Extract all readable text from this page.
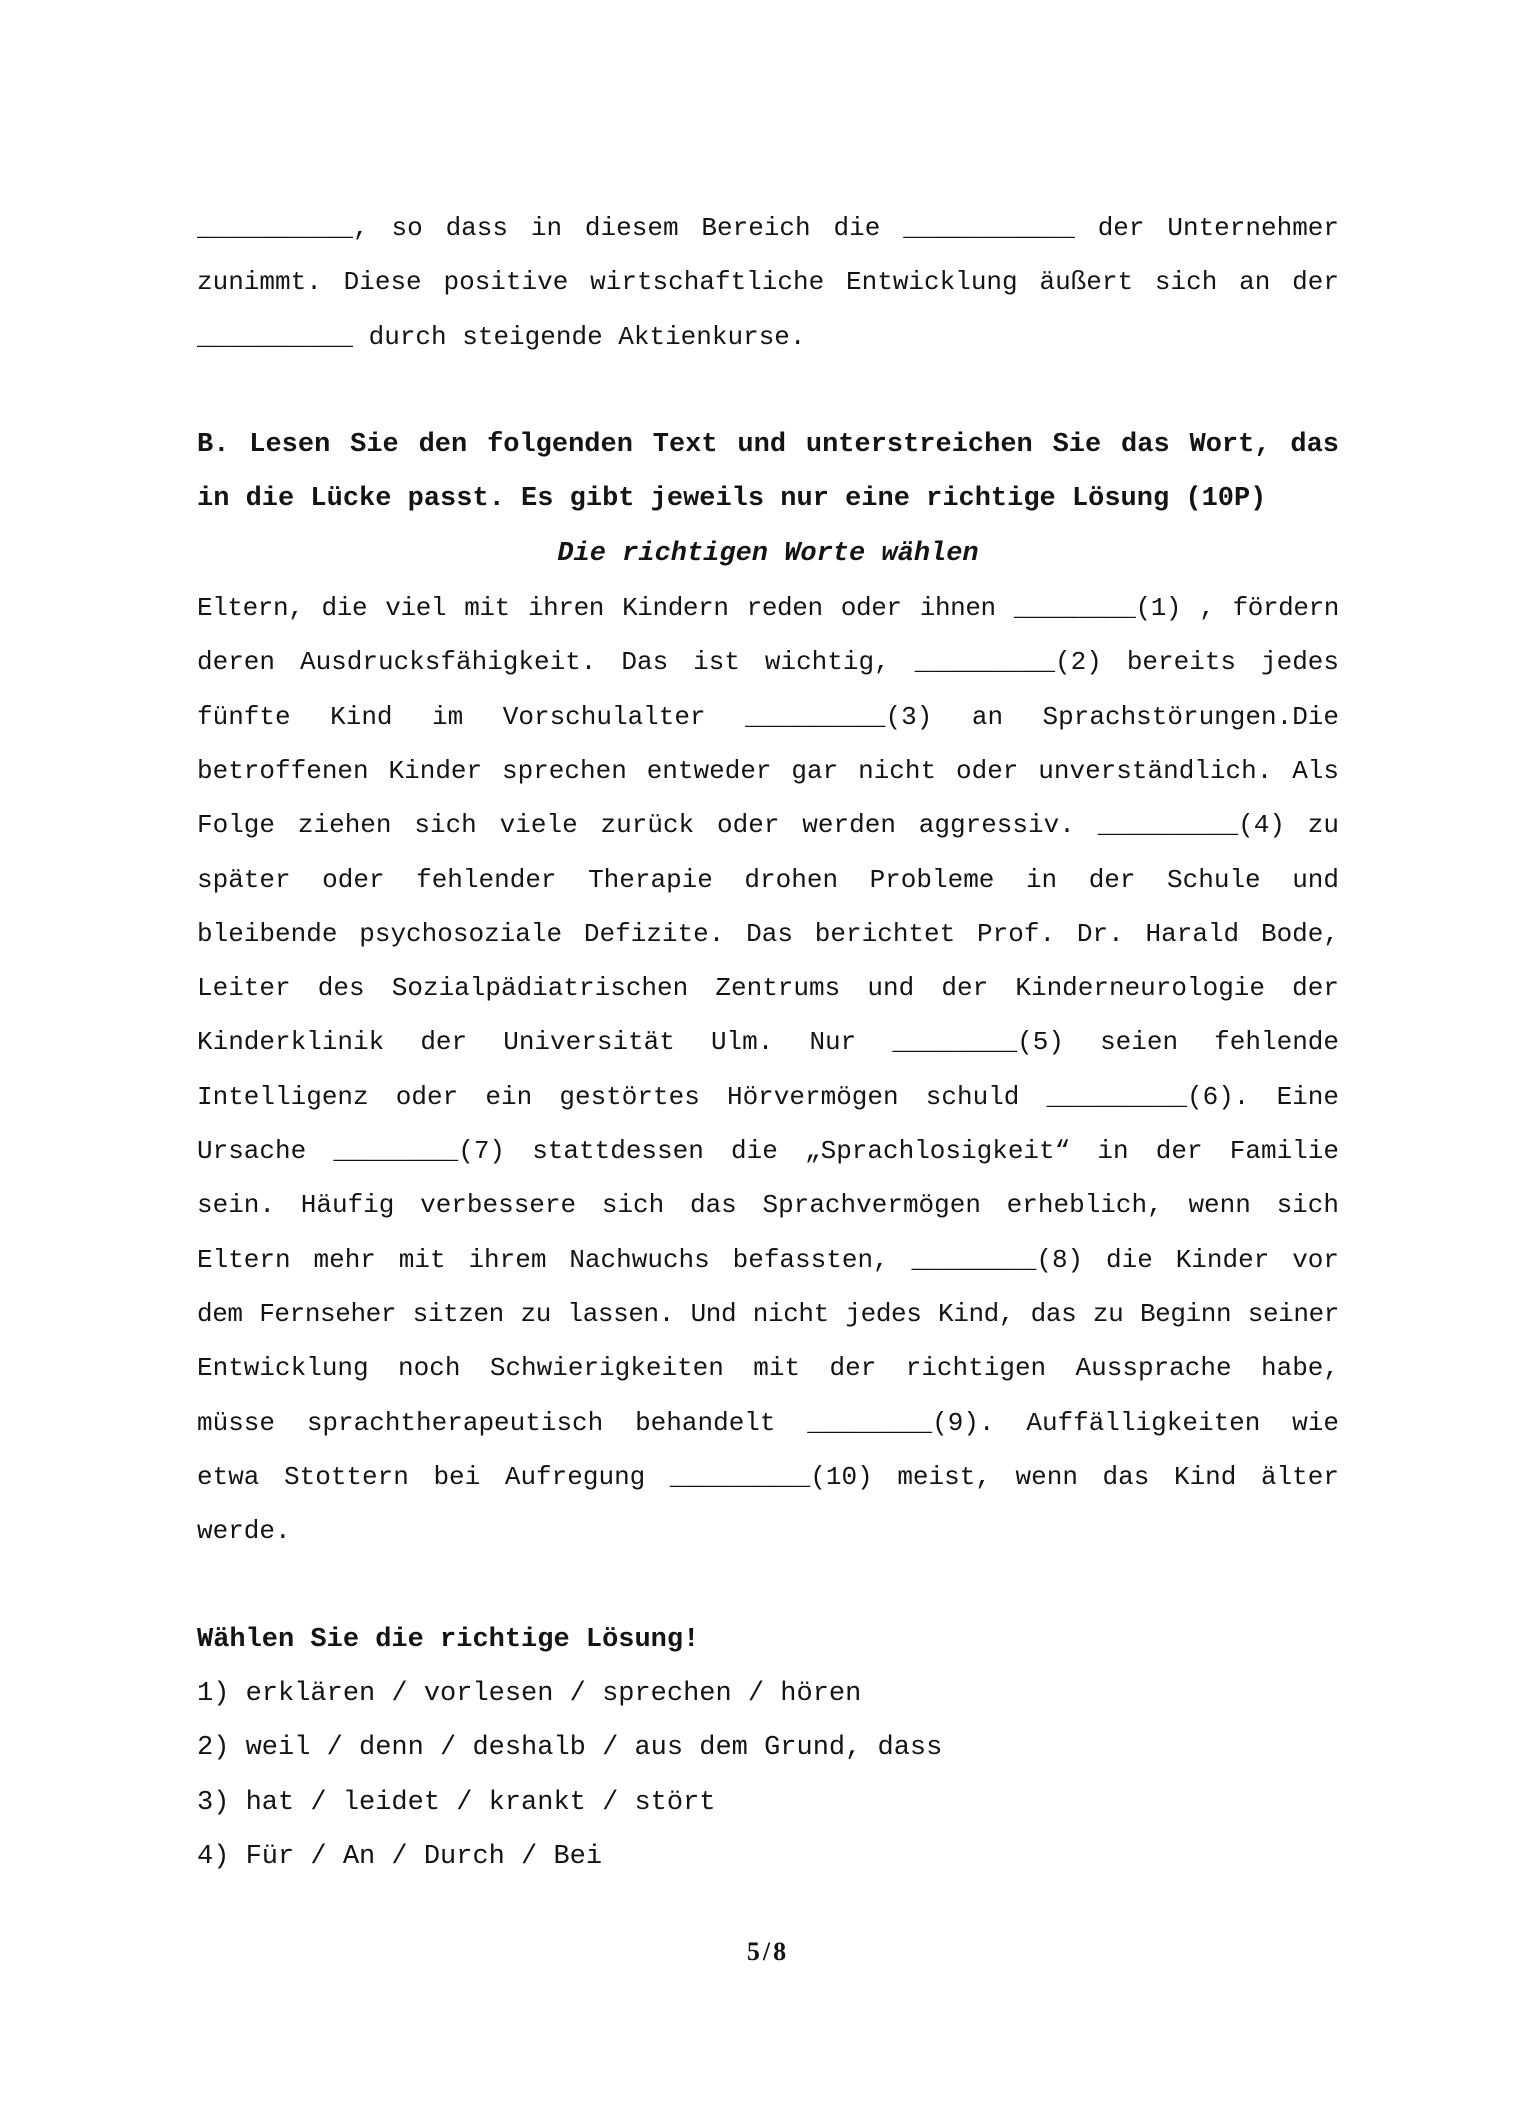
__________, so dass in diesem Bereich die ___________ der Unternehmer
zunimmt. Diese positive wirtschaftliche Entwicklung äußert sich an der
__________ durch steigende Aktienkurse.
B. Lesen Sie den folgenden Text und unterstreichen Sie das Wort, das
in die Lücke passt. Es gibt jeweils nur eine richtige Lösung (10P)
Die richtigen Worte wählen
Eltern, die viel mit ihren Kindern reden oder ihnen ________(1) , fördern
deren Ausdrucksfähigkeit. Das ist wichtig, _________(2) bereits jedes
fünfte Kind im Vorschulalter _________(3) an Sprachstörungen.Die
betroffenen Kinder sprechen entweder gar nicht oder unverständlich. Als
Folge ziehen sich viele zurück oder werden aggressiv. _________(4) zu
später oder fehlender Therapie drohen Probleme in der Schule und
bleibende psychosoziale Defizite. Das berichtet Prof. Dr. Harald Bode,
Leiter des Sozialpädiatrischen Zentrums und der Kinderneurologie der
Kinderklinik der Universität Ulm. Nur ________(5) seien fehlende
Intelligenz oder ein gestörtes Hörvermögen schuld _________(6). Eine
Ursache ________(7) stattdessen die „Sprachlosigkeit“ in der Familie
sein. Häufig verbessere sich das Sprachvermögen erheblich, wenn sich
Eltern mehr mit ihrem Nachwuchs befassten, ________(8) die Kinder vor
dem Fernseher sitzen zu lassen. Und nicht jedes Kind, das zu Beginn seiner
Entwicklung noch Schwierigkeiten mit der richtigen Aussprache habe,
müsse sprachtherapeutisch behandelt ________(9). Auffälligkeiten wie
etwa Stottern bei Aufregung _________(10) meist, wenn das Kind älter
werde.
Wählen Sie die richtige Lösung!
1) erklären / vorlesen / sprechen / hören
2) weil / denn / deshalb / aus dem Grund, dass
3) hat / leidet / krankt / stört
4) Für / An / Durch / Bei
5/8
